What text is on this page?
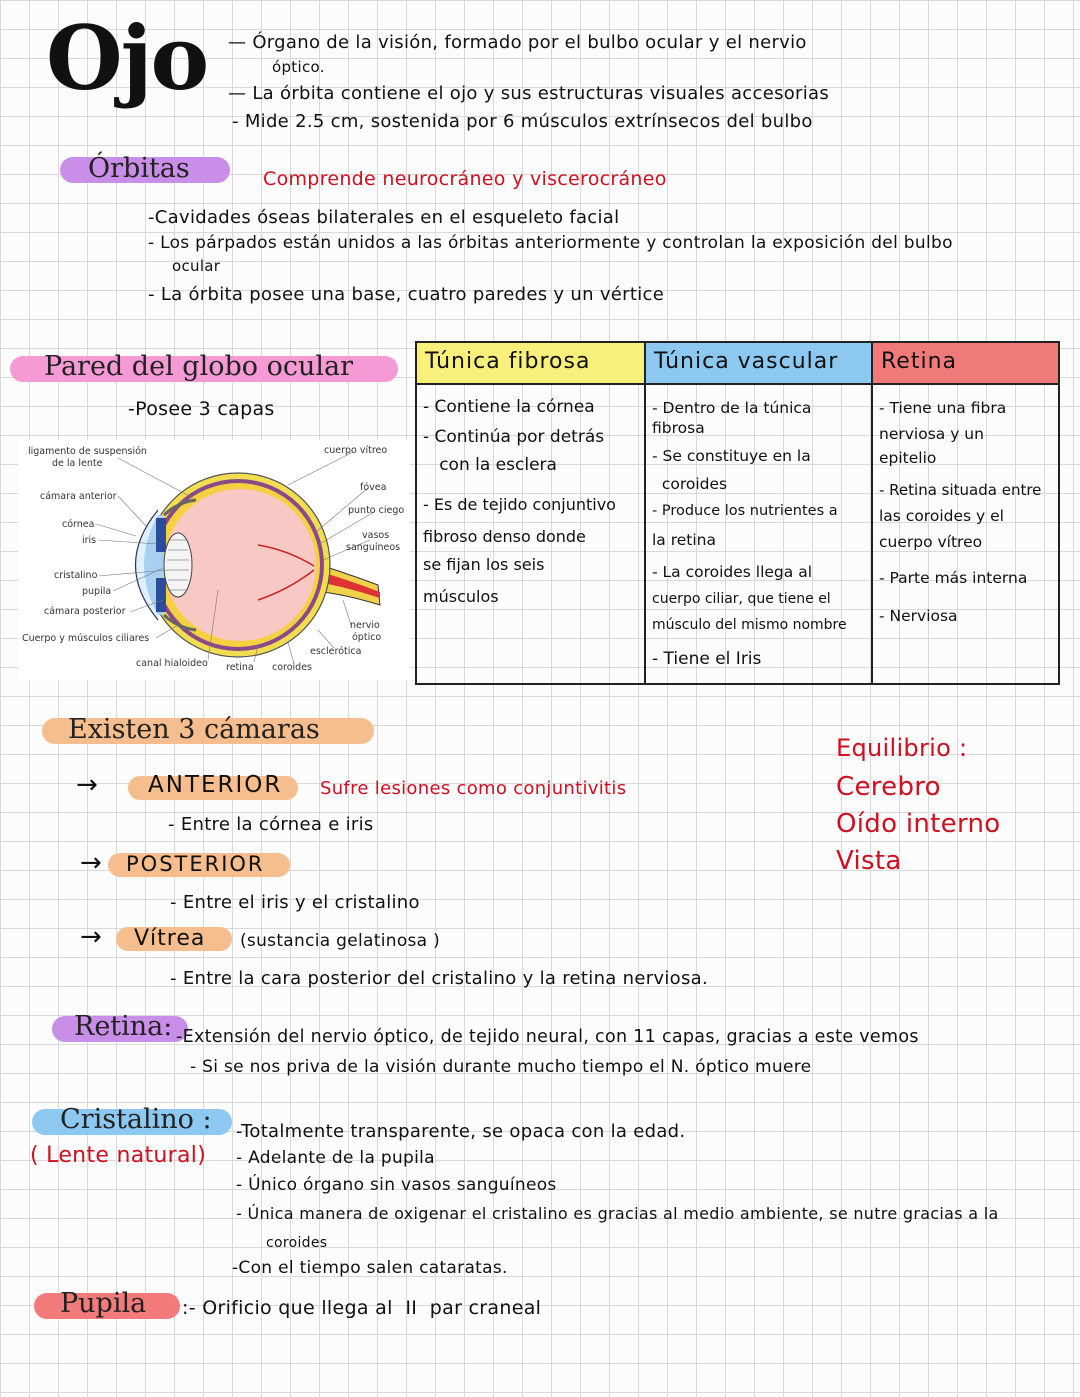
Ojo — Órgano de la visión, formado por el bulbo ocular y el nervio
óptico.
— La órbita contiene el ojo y sus estructuras visuales accesorias
- Mide 2.5 cm, sostenida por 6 músculos extrínsecos del bulbo
Órbitas	Comprende neurocráneo y viscerocráneo
-Cavidades óseas bilaterales en el esqueleto facial
- Los párpados están unidos a las órbitas anteriormente y controlan la exposición del bulbo
ocular
- La órbita posee una base, cuatro paredes y un vértice
Pared del globo ocular
-Posee 3 capas
ligamento de suspensión
de la lente
cámara anterior
córnea
iris
cristalino
pupila
cámara posterior
Cuerpo y músculos ciliares
canal hialoideo retina coroides
esclerótica
nervio
óptico
vasos
sanguíneos
punto ciego
fóvea
cuerpo vítreo
Túnica fibrosa
- Contiene la córnea
- Continúa por detrás
con la esclera
- Es de tejido conjuntivo
fibroso denso donde
se fijan los seis
músculos
Túnica vascular
- Dentro de la túnica
fibrosa
- Se constituye en la
coroides
- Produce los nutrientes a
la retina
- La coroides llega al
cuerpo ciliar, que tiene el
músculo del mismo nombre
- Tiene el Iris
Retina
- Tiene una fibra
nerviosa y un
epitelio
- Retina situada entre
las coroides y el
cuerpo vítreo
- Parte más interna
- Nerviosa
Existen 3 cámaras
→ ANTERIOR Sufre lesiones como conjuntivitis
- Entre la córnea e iris
→ POSTERIOR
- Entre el iris y el cristalino
→ Vítrea (sustancia gelatinosa )
- Entre la cara posterior del cristalino y la retina nerviosa.
Equilibrio :
Cerebro
Oído interno
Vista
Retina: -Extensión del nervio óptico, de tejido neural, con 11 capas, gracias a este vemos
- Si se nos priva de la visión durante mucho tiempo el N. óptico muere
Cristalino :
( Lente natural)
-Totalmente transparente, se opaca con la edad.
- Adelante de la pupila
- Único órgano sin vasos sanguíneos
- Única manera de oxigenar el cristalino es gracias al medio ambiente, se nutre gracias a la
coroides
-Con el tiempo salen cataratas.
Pupila :- Orificio que llega al  II  par craneal
